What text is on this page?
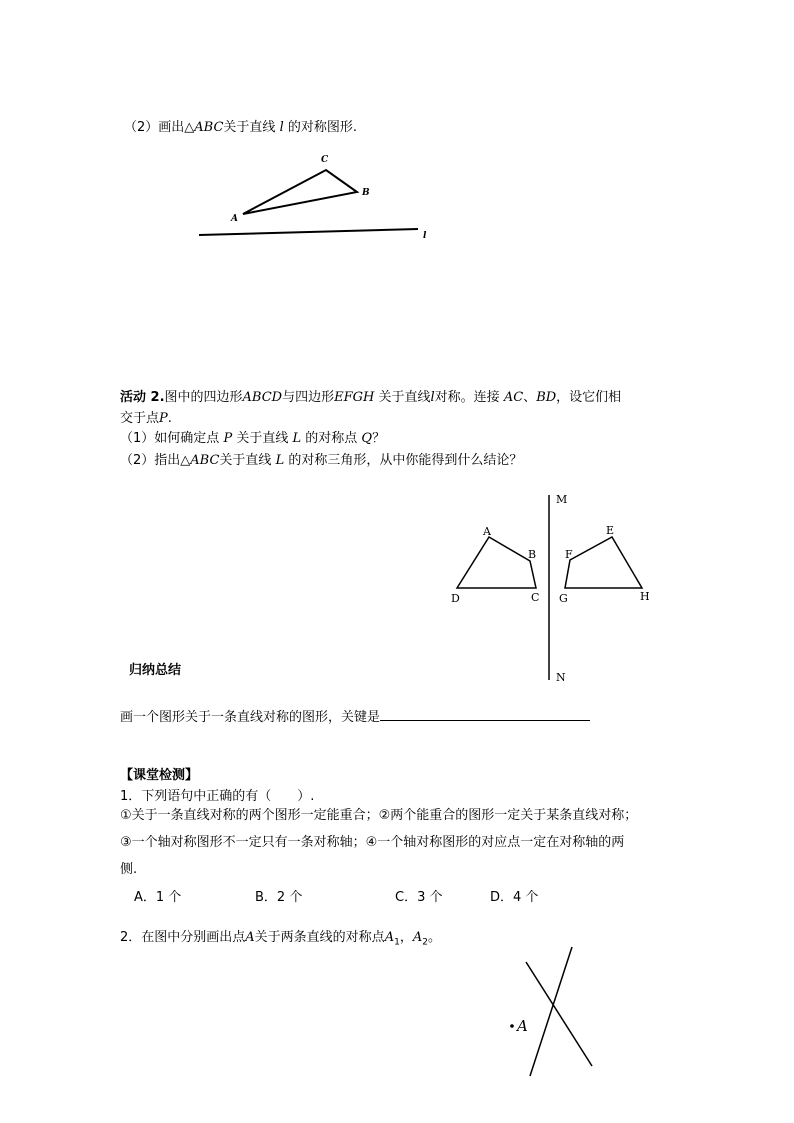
（2）画出△ABC关于直线 l 的对称图形.
A
B
C
l
活动 2.图中的四边形ABCD与四边形EFGH 关于直线l对称。连接 AC、BD，设它们相
交于点P.
（1）如何确定点 P 关于直线 L 的对称点 Q？
（2）指出△ABC关于直线 L 的对称三角形，从中你能得到什么结论？
A
B
C
D
E
F
G	H
M
N
归纳总结
画一个图形关于一条直线对称的图形，关键是
【课堂检测】
1．下列语句中正确的有（　　）.
①关于一条直线对称的两个图形一定能重合；②两个能重合的图形一定关于某条直线对称；
③一个轴对称图形不一定只有一条对称轴；④一个轴对称图形的对应点一定在对称轴的两
侧.
A．1 个	B．2 个	C．3 个	D．4 个
2．在图中分别画出点A关于两条直线的对称点$A_1$，$A_2$。
A
